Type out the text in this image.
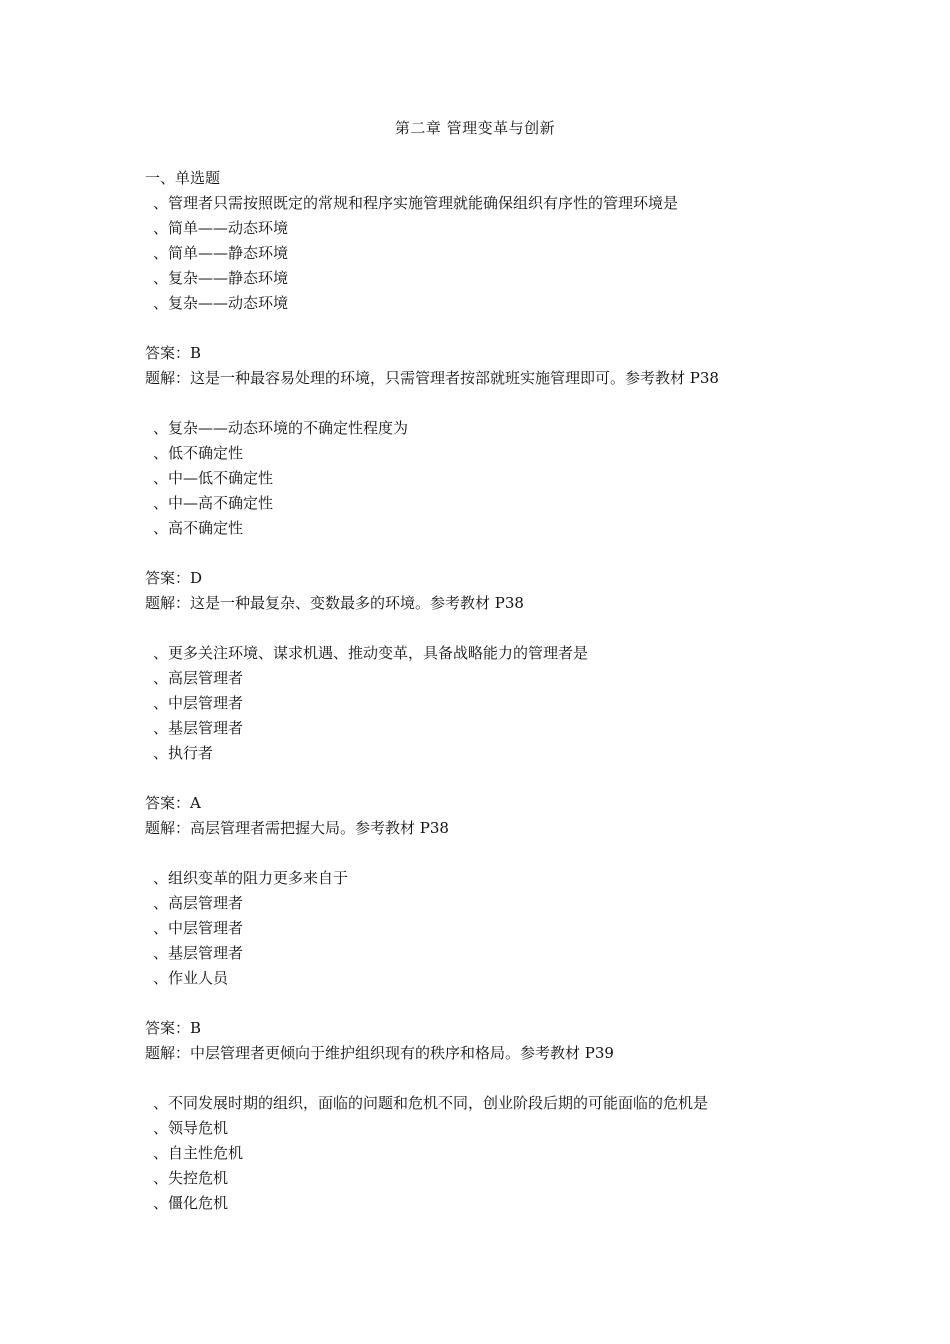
第二章 管理变革与创新
一、单选题
、管理者只需按照既定的常规和程序实施管理就能确保组织有序性的管理环境是
、简单——动态环境
、简单——静态环境
、复杂——静态环境
、复杂——动态环境
答案：B
题解：这是一种最容易处理的环境，只需管理者按部就班实施管理即可。参考教材 P38
、复杂——动态环境的不确定性程度为
、低不确定性
、中—低不确定性
、中—高不确定性
、高不确定性
答案：D
题解：这是一种最复杂、变数最多的环境。参考教材 P38
、更多关注环境、谋求机遇、推动变革，具备战略能力的管理者是
、高层管理者
、中层管理者
、基层管理者
、执行者
答案：A
题解：高层管理者需把握大局。参考教材 P38
、组织变革的阻力更多来自于
、高层管理者
、中层管理者
、基层管理者
、作业人员
答案：B
题解：中层管理者更倾向于维护组织现有的秩序和格局。参考教材 P39
、不同发展时期的组织，面临的问题和危机不同，创业阶段后期的可能面临的危机是
、领导危机
、自主性危机
、失控危机
、僵化危机
